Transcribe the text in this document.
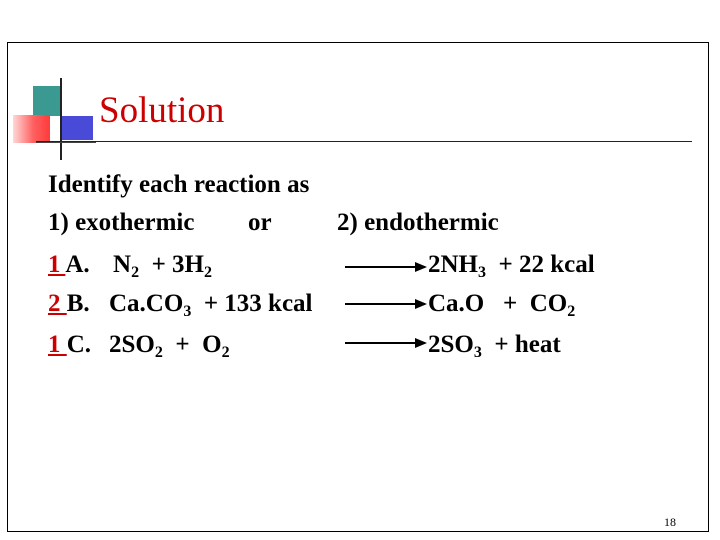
Solution
Identify each reaction as
1) exothermic or	2) endothermic
1 A. $N_2 + 3H_2$	$2NH_3 + 22$ kcal
2 B. $Ca.CO_3 + 133$ kcal	$Ca.O + CO_2$
1 C. $2SO_2 + O_2$	$2SO_3$  + heat
18
